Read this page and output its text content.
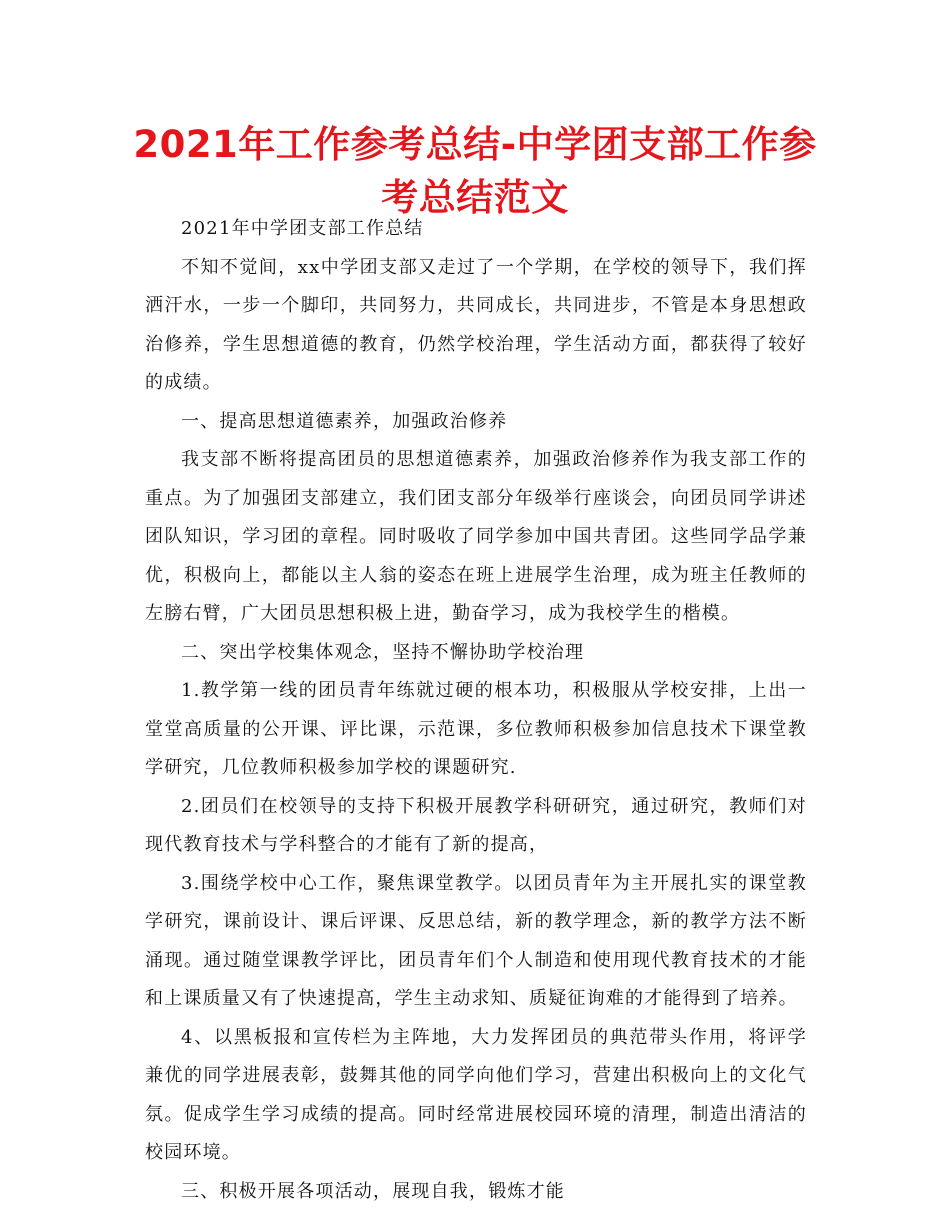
2021年工作参考总结-中学团支部工作参考总结范文

2021年中学团支部工作总结

不知不觉间，xx中学团支部又走过了一个学期，在学校的领导下，我们挥洒汗水，一步一个脚印，共同努力，共同成长，共同进步，不管是本身思想政治修养，学生思想道德的教育，仍然学校治理，学生活动方面，都获得了较好的成绩。

一、提高思想道德素养，加强政治修养

我支部不断将提高团员的思想道德素养，加强政治修养作为我支部工作的重点。为了加强团支部建立，我们团支部分年级举行座谈会，向团员同学讲述团队知识，学习团的章程。同时吸收了同学参加中国共青团。这些同学品学兼优，积极向上，都能以主人翁的姿态在班上进展学生治理，成为班主任教师的左膀右臂，广大团员思想积极上进，勤奋学习，成为我校学生的楷模。

二、突出学校集体观念，坚持不懈协助学校治理

1.教学第一线的团员青年练就过硬的根本功，积极服从学校安排，上出一堂堂高质量的公开课、评比课，示范课，多位教师积极参加信息技术下课堂教学研究，几位教师积极参加学校的课题研究.

2.团员们在校领导的支持下积极开展教学科研研究，通过研究，教师们对现代教育技术与学科整合的才能有了新的提高，

3.围绕学校中心工作，聚焦课堂教学。以团员青年为主开展扎实的课堂教学研究，课前设计、课后评课、反思总结，新的教学理念，新的教学方法不断涌现。通过随堂课教学评比，团员青年们个人制造和使用现代教育技术的才能和上课质量又有了快速提高，学生主动求知、质疑征询难的才能得到了培养。

4、以黑板报和宣传栏为主阵地，大力发挥团员的典范带头作用，将评学兼优的同学进展表彰，鼓舞其他的同学向他们学习，营建出积极向上的文化气氛。促成学生学习成绩的提高。同时经常进展校园环境的清理，制造出清洁的校园环境。

三、积极开展各项活动，展现自我，锻炼才能
